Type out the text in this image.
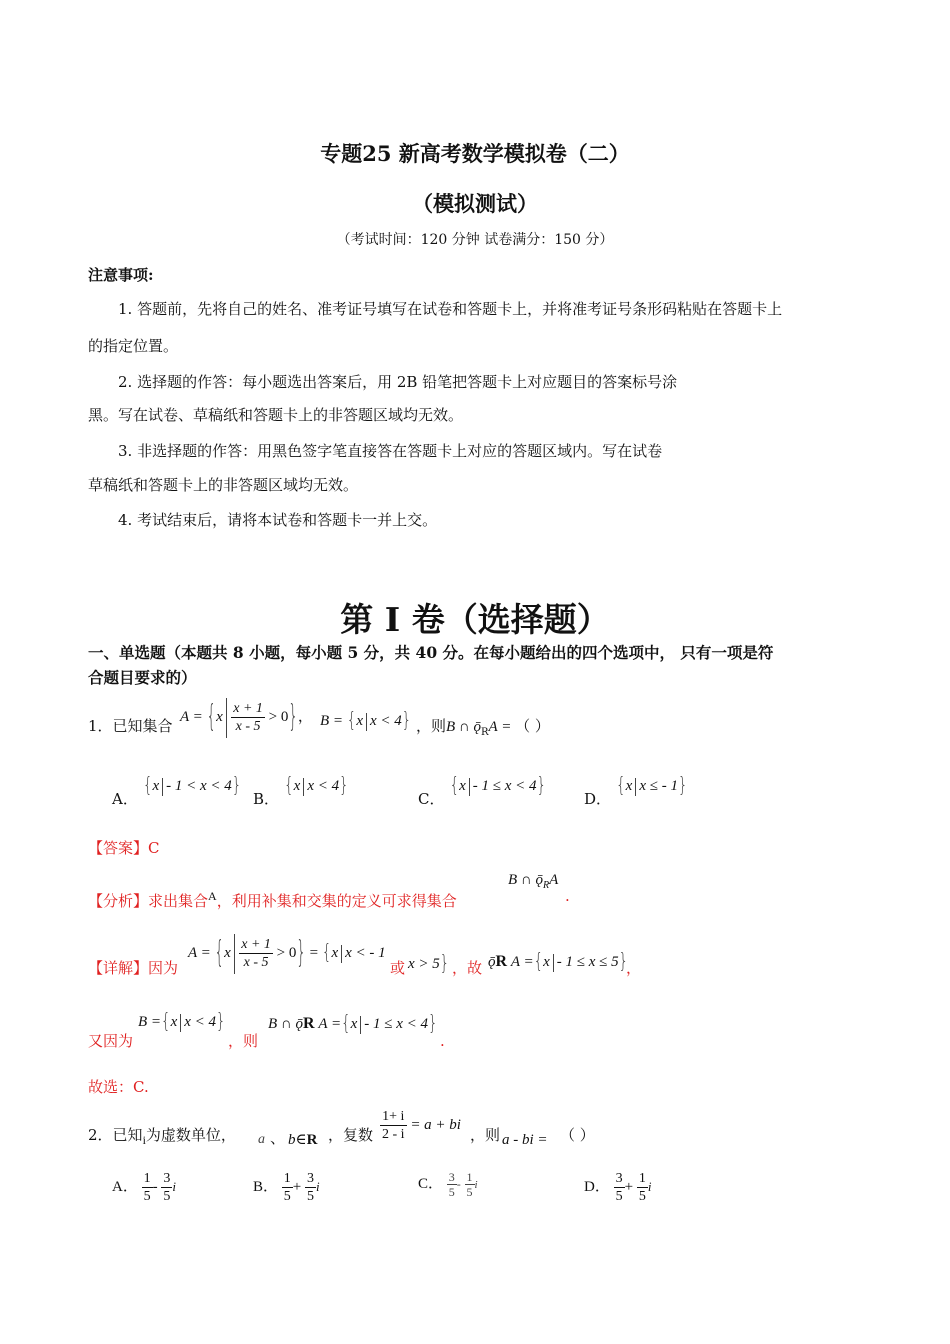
专题25 新高考数学模拟卷（二）
（模拟测试）
（考试时间：120 分钟 试卷满分：150 分）
注意事项:
1. 答题前，先将自己的姓名、准考证号填写在试卷和答题卡上，并将准考证号条形码粘贴在答题卡上
的指定位置。
2. 选择题的作答：每小题选出答案后，用 2B 铅笔把答题卡上对应题目的答案标号涂
黑。写在试卷、草稿纸和答题卡上的非答题区域均无效。
3. 非选择题的作答：用黑色签字笔直接答在答题卡上对应的答题区域内。写在试卷
草稿纸和答题卡上的非答题区域均无效。
4. 考试结束后，请将本试卷和答题卡一并上交。
第 I 卷（选择题）
一、单选题（本题共 8 小题，每小题 5 分，共 40 分。在每小题给出的四个选项中， 只有一项是符
合题目要求的）
1．已知集合 $A = \{x \frac{x + 1}{x - 5} > 0\}$， B = {x x < 4} ，则B ∩ $ǭ_RA$ = （ ）
A． {x - 1 < x < 4}
B． {x x < 4}
C． {x - 1 ≤ x < 4}
D． {x x ≤ - 1}
【答案】C
【分析】求出集合$^A$，利用补集和交集的定义可求得集合
B ∩ $ǭ_RA$
.
【详解】因为
$A = \{x \frac{x + 1}{x - 5} > 0\} = \{x$ x < - 1
或 x > 5} ，故 ǭR A ={x - 1 ≤ x ≤ 5}
，
又因为
B ={x x < 4}
，则
B ∩ ǭR A ={x - 1 ≤ x < 4}
.
故选：C.
2．已知$_i$为虚数单位， a 、 b∈R ，复数 $\frac{1+ i}{2 - i} = a$ + bi
，则 a - bi = （ ）
A． $\frac{1}{5} - \frac{3}{5}$ i	B． $\frac{1}{5} + \frac{3}{5}$ i	C． $\frac{3}{5} - \frac{1}{5}$ i	D． $\frac{3}{5} + \frac{1}{5}$ i
